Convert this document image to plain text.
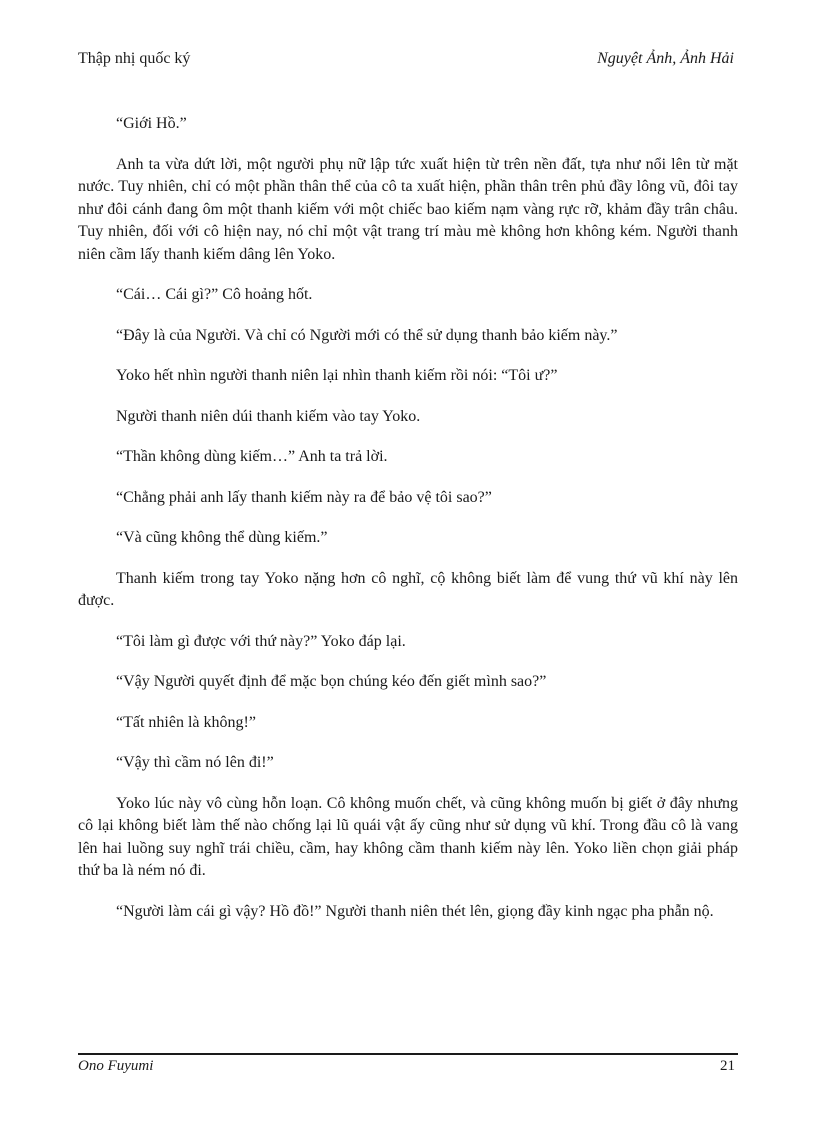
Thập nhị quốc ký	Nguyệt Ảnh, Ảnh Hải

“Giới Hồ.”

Anh ta vừa dứt lời, một người phụ nữ lập tức xuất hiện từ trên nền đất, tựa như nổi lên từ mặt nước. Tuy nhiên, chỉ có một phần thân thể của cô ta xuất hiện, phần thân trên phủ đầy lông vũ, đôi tay như đôi cánh đang ôm một thanh kiếm với một chiếc bao kiếm nạm vàng rực rỡ, khảm đầy trân châu. Tuy nhiên, đối với cô hiện nay, nó chỉ một vật trang trí màu mè không hơn không kém. Người thanh niên cầm lấy thanh kiếm dâng lên Yoko.

“Cái… Cái gì?” Cô hoảng hốt.

“Đây là của Người. Và chỉ có Người mới có thể sử dụng thanh bảo kiếm này.”

Yoko hết nhìn người thanh niên lại nhìn thanh kiếm rồi nói: “Tôi ư?”

Người thanh niên dúi thanh kiếm vào tay Yoko.

“Thần không dùng kiếm…” Anh ta trả lời.

“Chẳng phải anh lấy thanh kiếm này ra để bảo vệ tôi sao?”

“Và cũng không thể dùng kiếm.”

Thanh kiếm trong tay Yoko nặng hơn cô nghĩ, cộ không biết làm để vung thứ vũ khí này lên được.

“Tôi làm gì được với thứ này?” Yoko đáp lại.

“Vậy Người quyết định để mặc bọn chúng kéo đến giết mình sao?”

“Tất nhiên là không!”

“Vậy thì cầm nó lên đi!”

Yoko lúc này vô cùng hỗn loạn. Cô không muốn chết, và cũng không muốn bị giết ở đây nhưng cô lại không biết làm thế nào chống lại lũ quái vật ấy cũng như sử dụng vũ khí. Trong đầu cô là vang lên hai luồng suy nghĩ trái chiều, cầm, hay không cầm thanh kiếm này lên. Yoko liền chọn giải pháp thứ ba là ném nó đi.

“Người làm cái gì vậy? Hồ đồ!” Người thanh niên thét lên, giọng đầy kinh ngạc pha phẫn nộ.

Ono Fuyumi	21
